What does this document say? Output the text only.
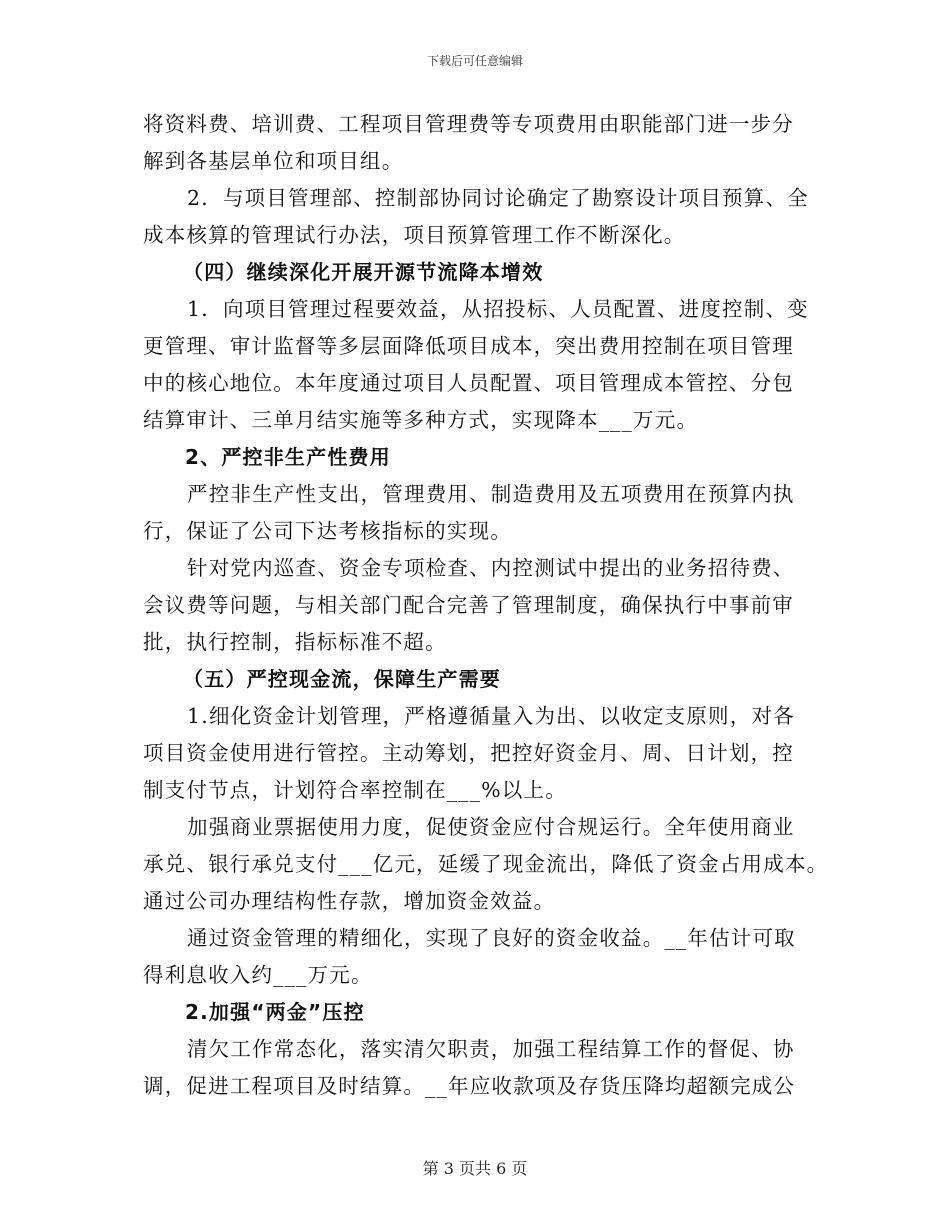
下载后可任意编辑
将资料费、培训费、工程项目管理费等专项费用由职能部门进一步分
解到各基层单位和项目组。
2．与项目管理部、控制部协同讨论确定了勘察设计项目预算、全
成本核算的管理试行办法，项目预算管理工作不断深化。
（四）继续深化开展开源节流降本增效
1．向项目管理过程要效益，从招投标、人员配置、进度控制、变
更管理、审计监督等多层面降低项目成本，突出费用控制在项目管理
中的核心地位。本年度通过项目人员配置、项目管理成本管控、分包
结算审计、三单月结实施等多种方式，实现降本___万元。
2、严控非生产性费用
严控非生产性支出，管理费用、制造费用及五项费用在预算内执
行，保证了公司下达考核指标的实现。
针对党内巡查、资金专项检查、内控测试中提出的业务招待费、
会议费等问题，与相关部门配合完善了管理制度，确保执行中事前审
批，执行控制，指标标准不超。
（五）严控现金流，保障生产需要
1.细化资金计划管理，严格遵循量入为出、以收定支原则，对各
项目资金使用进行管控。主动筹划，把控好资金月、周、日计划，控
制支付节点，计划符合率控制在___%以上。
加强商业票据使用力度，促使资金应付合规运行。全年使用商业
承兑、银行承兑支付___亿元，延缓了现金流出，降低了资金占用成本。
通过公司办理结构性存款，增加资金效益。
通过资金管理的精细化，实现了良好的资金收益。__年估计可取
得利息收入约___万元。
2.加强“两金”压控
清欠工作常态化，落实清欠职责，加强工程结算工作的督促、协
调，促进工程项目及时结算。__年应收款项及存货压降均超额完成公
第 3 页共 6 页
